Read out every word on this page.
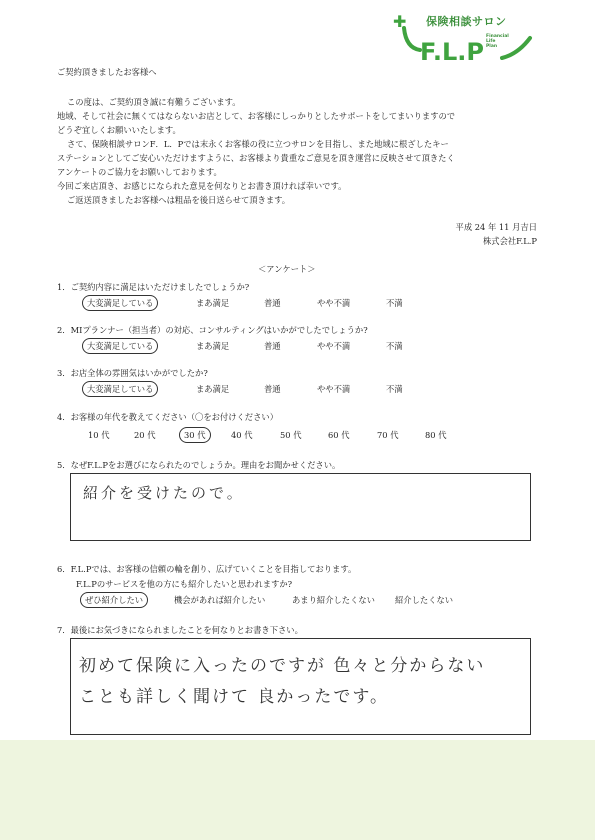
✚ 保険相談サロン
F.L.P
Financial
Life
Plan
ご契約頂きましたお客様へ
この度は、ご契約頂き誠に有難うございます。
地域、そして社会に無くてはならないお店として、お客様にしっかりとしたサポートをしてまいりますので
どうぞ宜しくお願いいたします。
さて、保険相談サロンF．L．Pでは末永くお客様の役に立つサロンを目指し、また地域に根ざしたキー
ステーションとしてご安心いただけますように、お客様より貴重なご意見を頂き運営に反映させて頂きたく
アンケートのご協力をお願いしております。
今回ご来店頂き、お感じになられた意見を何なりとお書き頂ければ幸いです。
ご返送頂きましたお客様へは粗品を後日送らせて頂きます。
平成 24 年 11 月吉日
株式会社F.L.P
＜アンケート＞
1．ご契約内容に満足はいただけましたでしょうか?
大変満足している	まあ満足	普通	やや不満	不満
2．MIプランナー（担当者）の対応、コンサルティングはいかがでしたでしょうか?
大変満足している	まあ満足	普通	やや不満	不満
3．お店全体の雰囲気はいかがでしたか?
大変満足している	まあ満足	普通	やや不満	不満
4．お客様の年代を教えてください（〇をお付けください）
10 代	20 代	30 代	40 代	50 代	60 代	70 代	80 代
5．なぜF.L.Pをお選びになられたのでしょうか。理由をお聞かせください。
紹介を受けたので。
6．F.L.Pでは、お客様の信頼の輪を創り、広げていくことを目指しております。
F.L.Pのサービスを他の方にも紹介したいと思われますか?
ぜひ紹介したい	機会があれば紹介したい	あまり紹介したくない 紹介したくない
7．最後にお気づきになられましたことを何なりとお書き下さい。
初めて保険に入ったのですが 色々と分からない
ことも詳しく聞けて 良かったです。
